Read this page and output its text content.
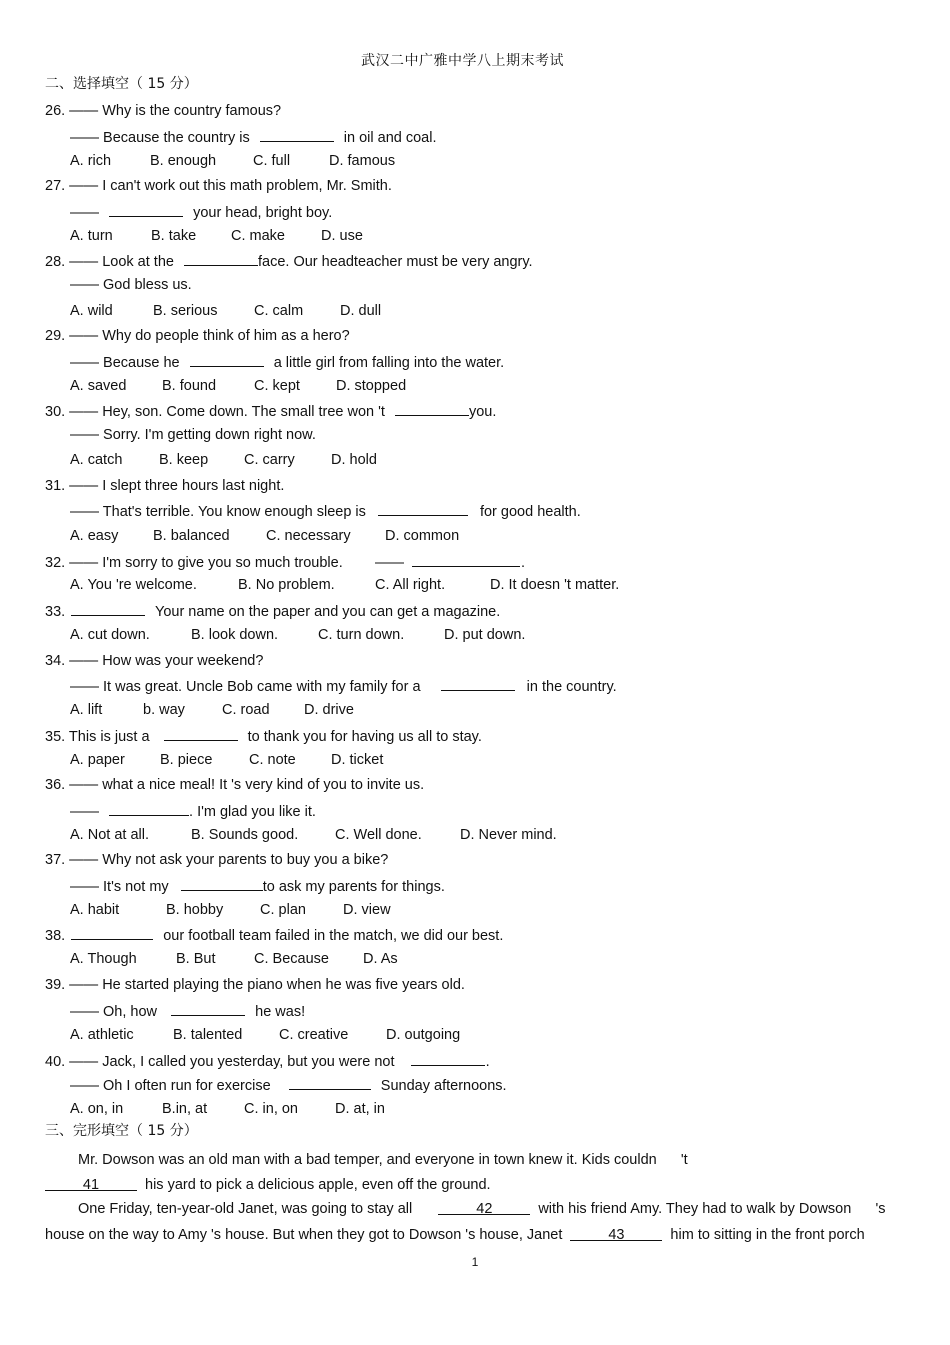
武汉二中广雅中学八上期末考试
二、选择填空（ 15 分）
26. —— Why is the country famous?
—— Because the country is	in oil and coal.
A. rich	B. enough	C. full	D. famous
27. —— I can't work out this math problem, Mr. Smith.
——	your head, bright boy.
A. turn	B. take C. make D. use
28. —— Look at the	face. Our headteacher must be very angry.
—— God bless us.
A. wild	B. serious	C. calm	D. dull
29. —— Why do people think of him as a hero?
—— Because he	a little girl from falling into the water.
A. saved B. found	C. kept D. stopped
30. —— Hey, son. Come down. The small tree won 't	you.
—— Sorry. I'm getting down right now.
A. catch	B. keep C. carry	D. hold
31. —— I slept three hours last night.
—— That's terrible. You know enough sleep is	for good health.
A. easy B. balanced	C. necessary D. common
32. —— I'm sorry to give you so much trouble. ——	.
A. You 're welcome.	B. No problem.	C. All right.	D. It doesn 't matter.
33.	Your name on the paper and you can get a magazine.
A. cut down.	B. look down.	C. turn down.	D. put down.
34. —— How was your weekend?
—— It was great. Uncle Bob came with my family for a	in the country.
A. lift	b. way	C. road D. drive
35. This is just a	to thank you for having us all to stay.
A. paper B. piece	C. note D. ticket
36. —— what a nice meal! It 's very kind of you to invite us.
——	. I'm glad you like it.
A. Not at all.	B. Sounds good.	C. Well done.	D. Never mind.
37. —— Why not ask your parents to buy you a bike?
—— It's not my	to ask my parents for things.
A. habit	B. hobby	C. plan	D. view
38.	our football team failed in the match, we did our best.
A. Though	B. But	C. Because D. As
39. —— He started playing the piano when he was five years old.
—— Oh, how	he was!
A. athletic	B. talented	C. creative	D. outgoing
40. —— Jack, I called you yesterday, but you were not	.
—— Oh I often run for exercise	Sunday afternoons.
A. on, in	B.in, at	C. in, on	D. at, in
三、完形填空（ 15 分）
Mr. Dowson was an old man with a bad temper, and everyone in town knew it. Kids couldn 't
41	his yard to pick a delicious apple, even off the ground.
One Friday, ten-year-old Janet, was going to stay all	42	with his friend Amy. They had to walk by Dowson 's
house on the way to Amy 's house. But when they got to Dowson 's house, Janet	43	him to sitting in the front porch
1
